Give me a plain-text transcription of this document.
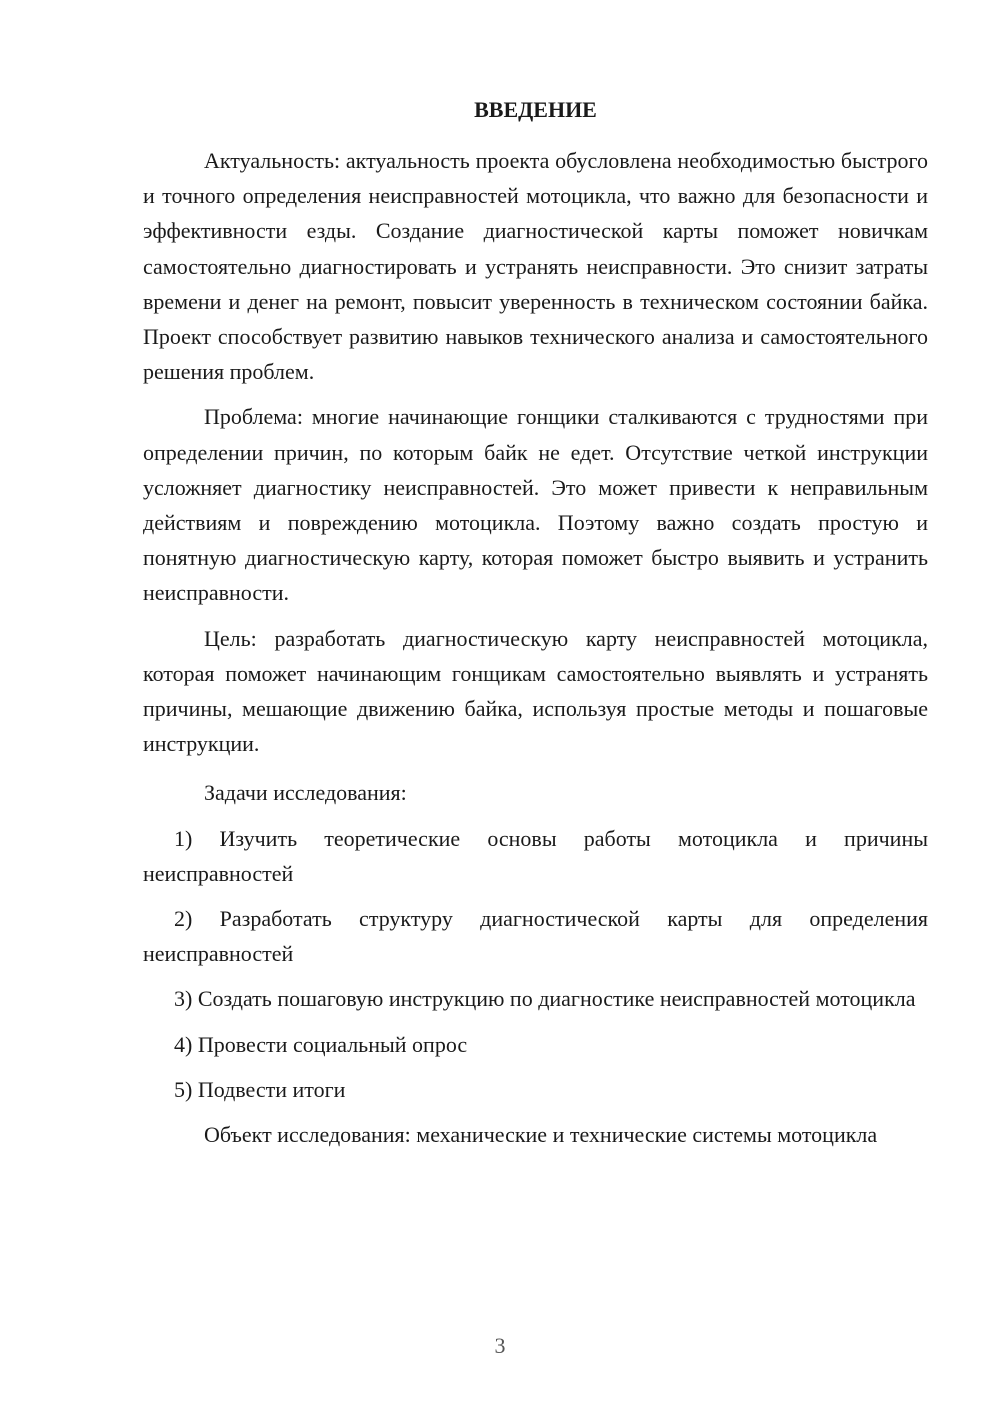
ВВЕДЕНИЕ

Актуальность: актуальность проекта обусловлена необходимостью быстрого и точного определения неисправностей мотоцикла, что важно для безопасности и эффективности езды. Создание диагностической карты поможет новичкам самостоятельно диагностировать и устранять неисправности. Это снизит затраты времени и денег на ремонт, повысит уверенность в техническом состоянии байка. Проект способствует развитию навыков технического анализа и самостоятельного решения проблем.

Проблема: многие начинающие гонщики сталкиваются с трудностями при определении причин, по которым байк не едет. Отсутствие четкой инструкции усложняет диагностику неисправностей. Это может привести к неправильным действиям и повреждению мотоцикла. Поэтому важно создать простую и понятную диагностическую карту, которая поможет быстро выявить и устранить неисправности.

Цель: разработать диагностическую карту неисправностей мотоцикла, которая поможет начинающим гонщикам самостоятельно выявлять и устранять причины, мешающие движению байка, используя простые методы и пошаговые инструкции.

Задачи исследования:

1) Изучить теоретические основы работы мотоцикла и причины неисправностей

2) Разработать структуру диагностической карты для определения неисправностей

3) Создать пошаговую инструкцию по диагностике неисправностей мотоцикла

4) Провести социальный опрос

5) Подвести итоги

Объект исследования: механические и технические системы мотоцикла

3
